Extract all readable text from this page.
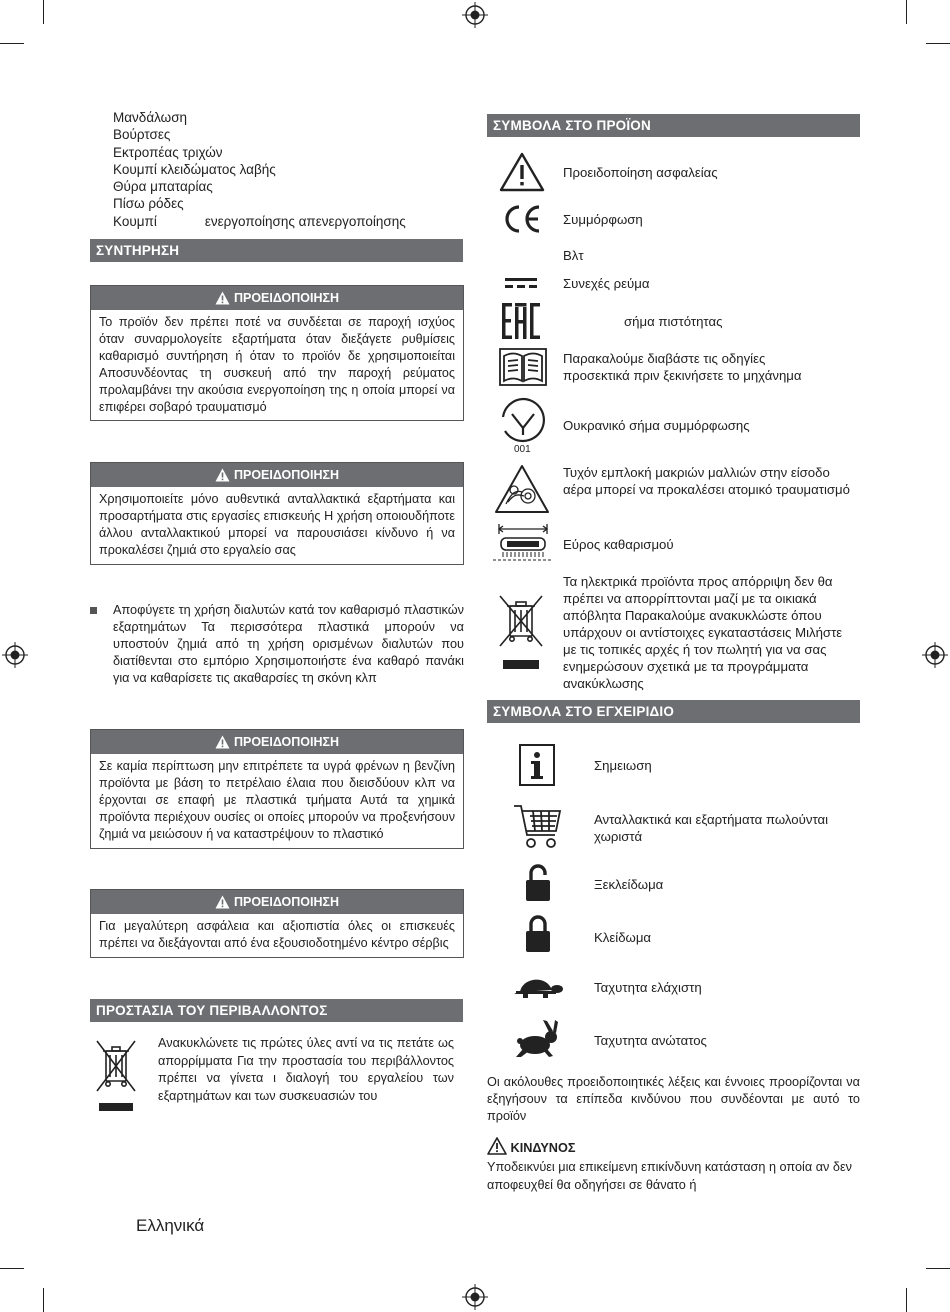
Μανδάλωση
Βούρτσες
Εκτροπέας τριχών
Κουμπί κλειδώματος λαβής
Θύρα μπαταρίας
Πίσω ρόδες
Κουμπί	ενεργοποίησης απενεργοποίησης
ΣΥΝΤΗΡΗΣΗ
ΠΡΟΕΙΔΟΠΟΙΗΣΗ
Το προϊόν δεν πρέπει ποτέ να συνδέεται σε παροχή ισχύος όταν συναρμολογείτε εξαρτήματα όταν διεξάγετε ρυθμίσεις καθαρισμό συντήρηση ή όταν το προϊόν δε χρησιμοποιείται Αποσυνδέοντας τη συσκευή από την παροχή ρεύματος προλαμβάνει την ακούσια ενεργοποίηση της η οποία μπορεί να επιφέρει σοβαρό τραυματισμό
ΠΡΟΕΙΔΟΠΟΙΗΣΗ
Χρησιμοποιείτε μόνο αυθεντικά ανταλλακτικά εξαρτήματα και προσαρτήματα στις εργασίες επισκευής Η χρήση οποιουδήποτε άλλου ανταλλακτικού μπορεί να παρουσιάσει κίνδυνο ή να προκαλέσει ζημιά στο εργαλείο σας
Αποφύγετε τη χρήση διαλυτών κατά τον καθαρισμό πλαστικών εξαρτημάτων Τα περισσότερα πλαστικά μπορούν να υποστούν ζημιά από τη χρήση ορισμένων διαλυτών που διατίθενται στο εμπόριο Χρησιμοποιήστε ένα καθαρό πανάκι για να καθαρίσετε τις ακαθαρσίες τη σκόνη κλπ
ΠΡΟΕΙΔΟΠΟΙΗΣΗ
Σε καμία περίπτωση μην επιτρέπετε τα υγρά φρένων η βενζίνη προϊόντα με βάση το πετρέλαιο έλαια που διεισδύουν κλπ να έρχονται σε επαφή με πλαστικά τμήματα Αυτά τα χημικά προϊόντα περιέχουν ουσίες οι οποίες μπορούν να προξενήσουν ζημιά να μειώσουν ή να καταστρέψουν το πλαστικό
ΠΡΟΕΙΔΟΠΟΙΗΣΗ
Για μεγαλύτερη ασφάλεια και αξιοπιστία όλες οι επισκευές πρέπει να διεξάγονται από ένα εξουσιοδοτημένο κέντρο σέρβις
ΠΡΟΣΤΑΣΙΑ ΤΟΥ ΠΕΡΙΒΑΛΛΟΝΤΟΣ
Ανακυκλώνετε τις πρώτες ύλες αντί να τις πετάτε ως απορρίμματα Για την προστασία του περιβάλλοντος πρέπει να γίνετα ι διαλογή του εργαλείου των εξαρτημάτων και των συσκευασιών του
Ελληνικά
ΣΥΜΒΟΛΑ ΣΤΟ ΠΡΟΪΟΝ
Προειδοποίηση ασφαλείας
Συμμόρφωση
Βλτ
Συνεχές ρεύμα
σήμα πιστότητας
Παρακαλούμε διαβάστε τις οδηγίες προσεκτικά πριν ξεκινήσετε το μηχάνημα
001
Ουκρανικό σήμα συμμόρφωσης
Τυχόν εμπλοκή μακριών μαλλιών στην είσοδο αέρα μπορεί να προκαλέσει ατομικό τραυματισμό
Εύρος καθαρισμού
Τα ηλεκτρικά προϊόντα προς απόρριψη δεν θα πρέπει να απορρίπτονται μαζί με τα οικιακά απόβλητα Παρακαλούμε ανακυκλώστε όπου υπάρχουν οι αντίστοιχες εγκαταστάσεις Μιλήστε με τις τοπικές αρχές ή τον πωλητή για να σας ενημερώσουν σχετικά με τα προγράμματα ανακύκλωσης
ΣΥΜΒΟΛΑ ΣΤΟ ΕΓΧΕΙΡΙΔΙΟ
Σημειωση
Ανταλλακτικά και εξαρτήματα πωλούνται χωριστά
Ξεκλείδωμα
Κλείδωμα
Ταχυτητα ελάχιστη
Ταχυτητα ανώτατος
Οι ακόλουθες προειδοποιητικές λέξεις και έννοιες προορίζονται να εξηγήσουν τα επίπεδα κινδύνου που συνδέονται με αυτό το προϊόν
ΚΙΝΔΥΝΟΣ
Υποδεικνύει μια επικείμενη επικίνδυνη κατάσταση η οποία αν δεν αποφευχθεί θα οδηγήσει σε θάνατο ή
